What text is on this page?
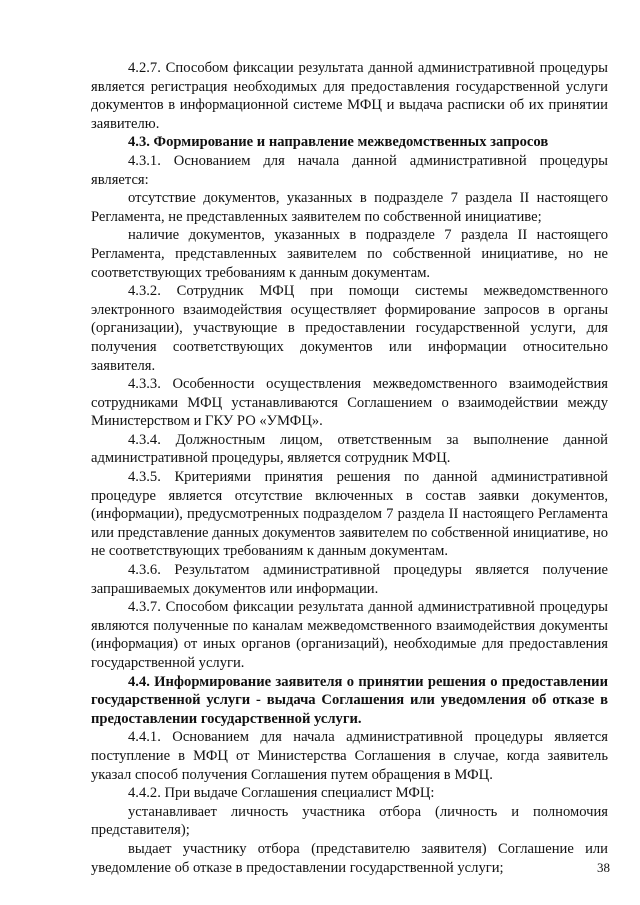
4.2.7. Способом фиксации результата данной административной процедуры является регистрация необходимых для предоставления государственной услуги документов в информационной системе МФЦ и выдача расписки об их принятии заявителю.

4.3. Формирование и направление межведомственных запросов

4.3.1. Основанием для начала данной административной процедуры является:

отсутствие документов, указанных в подразделе 7 раздела II настоящего Регламента, не представленных заявителем по собственной инициативе;

наличие документов, указанных в подразделе 7 раздела II настоящего Регламента, представленных заявителем по собственной инициативе, но не соответствующих требованиям к данным документам.

4.3.2. Сотрудник МФЦ при помощи системы межведомственного электронного взаимодействия осуществляет формирование запросов в органы (организации), участвующие в предоставлении государственной услуги, для получения соответствующих документов или информации относительно заявителя.

4.3.3. Особенности осуществления межведомственного взаимодействия сотрудниками МФЦ устанавливаются Соглашением о взаимодействии между Министерством и ГКУ РО «УМФЦ».

4.3.4. Должностным лицом, ответственным за выполнение данной административной процедуры, является сотрудник МФЦ.

4.3.5. Критериями принятия решения по данной административной процедуре является отсутствие включенных в состав заявки документов, (информации), предусмотренных подразделом 7 раздела II настоящего Регламента или представление данных документов заявителем по собственной инициативе, но не соответствующих требованиям к данным документам.

4.3.6. Результатом административной процедуры является получение запрашиваемых документов или информации.

4.3.7. Способом фиксации результата данной административной процедуры являются полученные по каналам межведомственного взаимодействия документы (информация) от иных органов (организаций), необходимые для предоставления государственной услуги.

4.4. Информирование заявителя о принятии решения о предоставлении государственной услуги - выдача Соглашения или уведомления об отказе в предоставлении государственной услуги.

4.4.1. Основанием для начала административной процедуры является поступление в МФЦ от Министерства Соглашения в случае, когда заявитель указал способ получения Соглашения путем обращения в МФЦ.

4.4.2. При выдаче Соглашения специалист МФЦ:

устанавливает личность участника отбора (личность и полномочия представителя);

выдает участнику отбора (представителю заявителя) Соглашение или уведомление об отказе в предоставлении государственной услуги;	38
